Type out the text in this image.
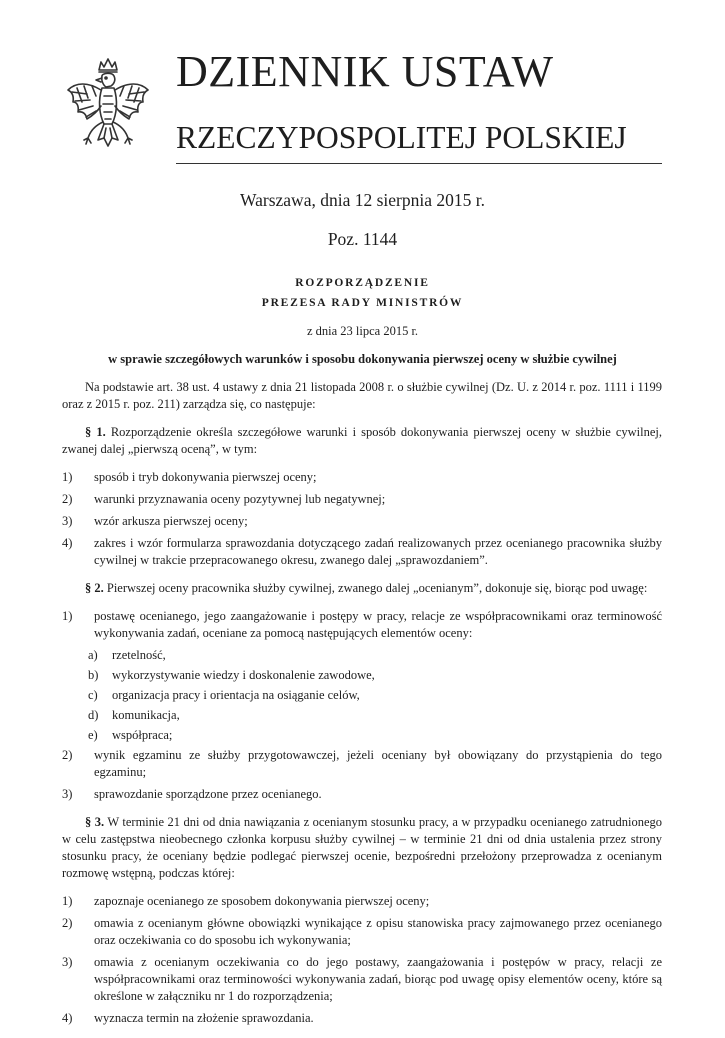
DZIENNIK USTAW
RZECZYPOSPOLITEJ POLSKIEJ
Warszawa, dnia 12 sierpnia 2015 r.
Poz. 1144
ROZPORZĄDZENIE
PREZESA RADY MINISTRÓW
z dnia 23 lipca 2015 r.
w sprawie szczegółowych warunków i sposobu dokonywania pierwszej oceny w służbie cywilnej

Na podstawie art. 38 ust. 4 ustawy z dnia 21 listopada 2008 r. o służbie cywilnej (Dz. U. z 2014 r. poz. 1111 i 1199 oraz z 2015 r. poz. 211) zarządza się, co następuje:

§ 1. Rozporządzenie określa szczegółowe warunki i sposób dokonywania pierwszej oceny w służbie cywilnej, zwanej dalej „pierwszą oceną”, w tym:

1)	sposób i tryb dokonywania pierwszej oceny;
2)	warunki przyznawania oceny pozytywnej lub negatywnej;
3)	wzór arkusza pierwszej oceny;
4)	zakres i wzór formularza sprawozdania dotyczącego zadań realizowanych przez ocenianego pracownika służby cywilnej w trakcie przepracowanego okresu, zwanego dalej „sprawozdaniem”.

§ 2. Pierwszej oceny pracownika służby cywilnej, zwanego dalej „ocenianym”, dokonuje się, biorąc pod uwagę:

1)	postawę ocenianego, jego zaangażowanie i postępy w pracy, relacje ze współpracownikami oraz terminowość wykonywania zadań, oceniane za pomocą następujących elementów oceny:
a)	rzetelność,
b)	wykorzystywanie wiedzy i doskonalenie zawodowe,
c)	organizacja pracy i orientacja na osiąganie celów,
d)	komunikacja,
e)	współpraca;
2)	wynik egzaminu ze służby przygotowawczej, jeżeli oceniany był obowiązany do przystąpienia do tego egzaminu;
3)	sprawozdanie sporządzone przez ocenianego.

§ 3. W terminie 21 dni od dnia nawiązania z ocenianym stosunku pracy, a w przypadku ocenianego zatrudnionego w celu zastępstwa nieobecnego członka korpusu służby cywilnej – w terminie 21 dni od dnia ustalenia przez strony stosunku pracy, że oceniany będzie podlegać pierwszej ocenie, bezpośredni przełożony przeprowadza z ocenianym rozmowę wstępną, podczas której:

1)	zapoznaje ocenianego ze sposobem dokonywania pierwszej oceny;
2)	omawia z ocenianym główne obowiązki wynikające z opisu stanowiska pracy zajmowanego przez ocenianego oraz oczekiwania co do sposobu ich wykonywania;
3)	omawia z ocenianym oczekiwania co do jego postawy, zaangażowania i postępów w pracy, relacji ze współpracownikami oraz terminowości wykonywania zadań, biorąc pod uwagę opisy elementów oceny, które są określone w załączniku nr 1 do rozporządzenia;
4)	wyznacza termin na złożenie sprawozdania.
